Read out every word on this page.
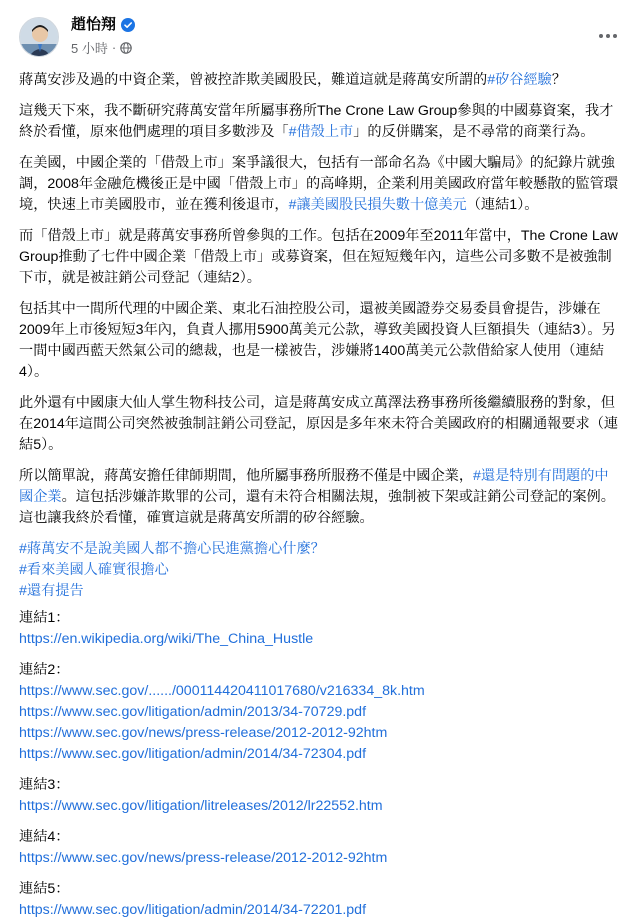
趙怡翔
5 小時 ·

蔣萬安涉及過的中資企業，曾被控詐欺美國股民，難道這就是蔣萬安所謂的#矽谷經驗？

這幾天下來，我不斷研究蔣萬安當年所屬事務所The Crone Law Group參與的中國募資案，我才終於看懂，原來他們處理的項目多數涉及「#借殼上市」的反併購案，是不尋常的商業行為。

在美國，中國企業的「借殼上市」案爭議很大，包括有一部命名為《中國大騙局》的紀錄片就強調，2008年金融危機後正是中國「借殼上市」的高峰期，企業利用美國政府當年較懸散的監管環境，快速上市美國股市，並在獲利後退市，#讓美國股民損失數十億美元（連結1）。

而「借殼上市」就是蔣萬安事務所曾參與的工作。包括在2009年至2011年當中，The Crone Law Group推動了七件中國企業「借殼上市」或募資案，但在短短幾年內，這些公司多數不是被強制下市，就是被註銷公司登記（連結2）。

包括其中一間所代理的中國企業、東北石油控股公司，還被美國證券交易委員會提告，涉嫌在2009年上市後短短3年內，負責人挪用5900萬美元公款，導致美國投資人巨額損失（連結3）。另一間中國西藍天然氣公司的總裁，也是一樣被告，涉嫌將1400萬美元公款借給家人使用（連結4）。

此外還有中國康大仙人掌生物科技公司，這是蔣萬安成立萬澤法務事務所後繼續服務的對象，但在2014年這間公司突然被強制註銷公司登記，原因是多年來未符合美國政府的相關通報要求（連結5）。

所以簡單說，蔣萬安擔任律師期間，他所屬事務所服務不僅是中國企業，#還是特別有問題的中國企業。這包括涉嫌詐欺罪的公司，還有未符合相關法規，強制被下架或註銷公司登記的案例。這也讓我終於看懂，確實這就是蔣萬安所謂的矽谷經驗。

#蔣萬安不是說美國人都不擔心民進黨擔心什麼？
#看來美國人確實很擔心
#還有提告
連結1：
https://en.wikipedia.org/wiki/The_China_Hustle
連結2：
https://www.sec.gov/....../000114420411017680/v216334_8k.htm
https://www.sec.gov/litigation/admin/2013/34-70729.pdf
https://www.sec.gov/news/press-release/2012-2012-92htm
https://www.sec.gov/litigation/admin/2014/34-72304.pdf
連結3：
https://www.sec.gov/litigation/litreleases/2012/lr22552.htm
連結4：
https://www.sec.gov/news/press-release/2012-2012-92htm
連結5：
https://www.sec.gov/litigation/admin/2014/34-72201.pdf
